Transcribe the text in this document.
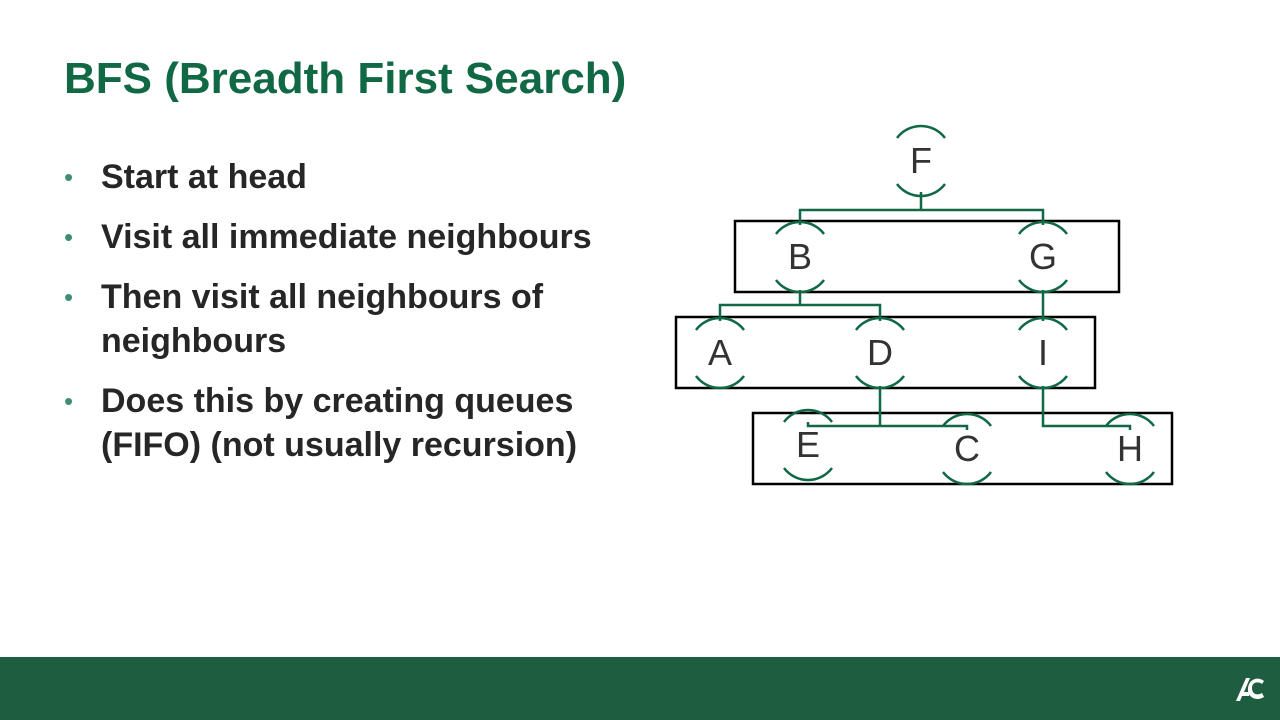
BFS (Breadth First Search)
• Start at head
• Visit all immediate neighbours
• Then visit all neighbours of
neighbours
• Does this by creating queues
(FIFO) (not usually recursion)
F
B	G
A	D	I
E	C	H
